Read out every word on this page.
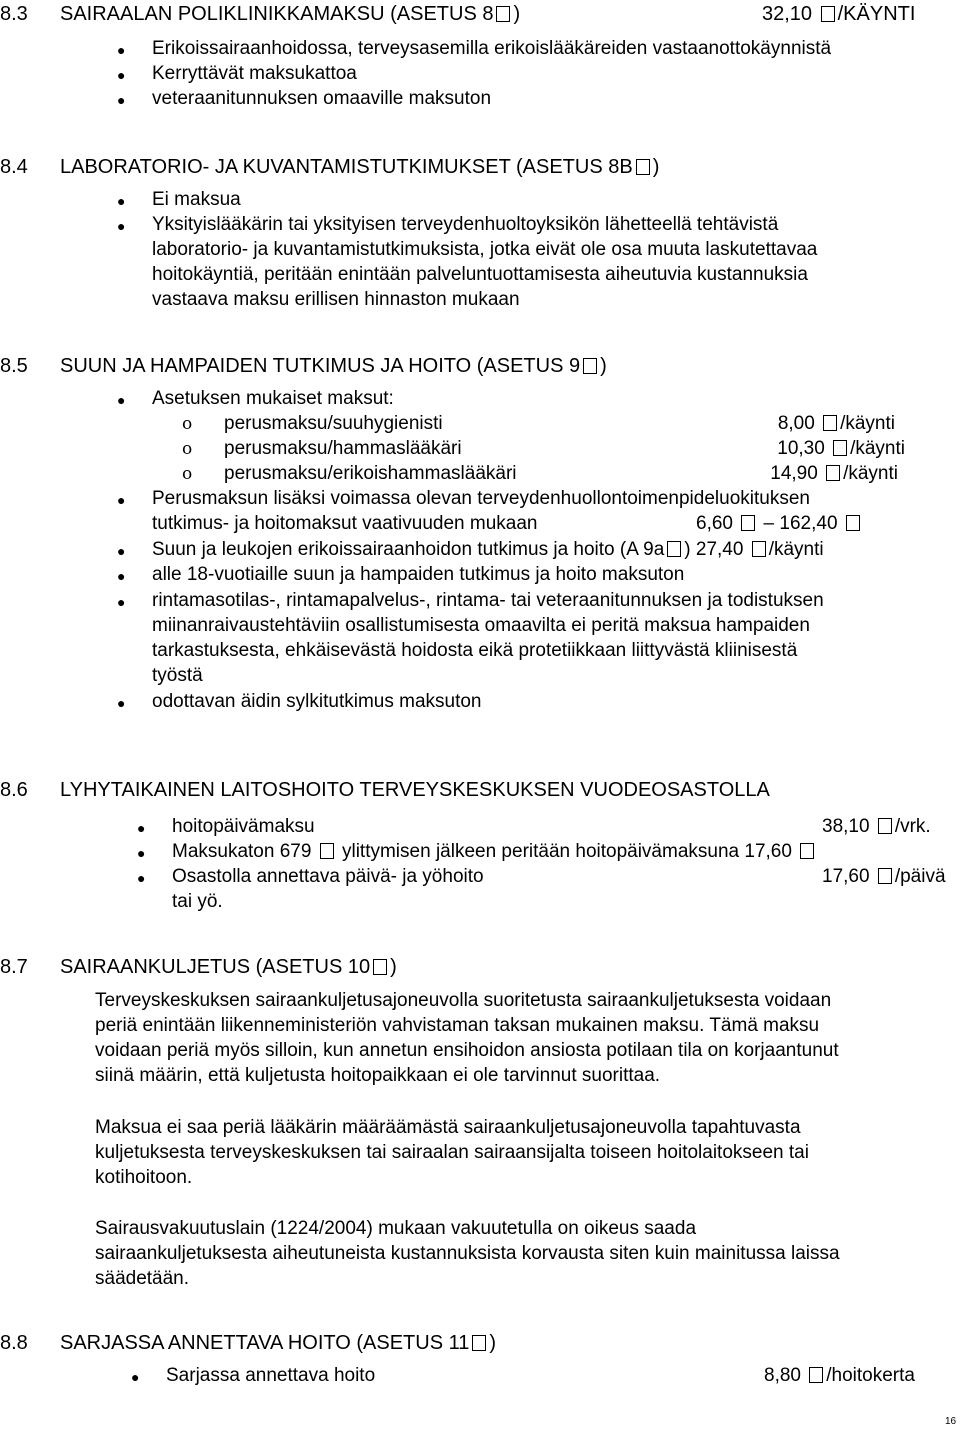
8.3 SAIRAALAN POLIKLINIKKAMAKSU (ASETUS 8 )	32,10 /KÄYNTI
● Erikoissairaanhoidossa, terveysasemilla erikoislääkäreiden vastaanottokäynnistä
● Kerryttävät maksukattoa
● veteraanitunnuksen omaaville maksuton
8.4 LABORATORIO- JA KUVANTAMISTUTKIMUKSET (ASETUS 8B )
● Ei maksua
● Yksityislääkärin tai yksityisen terveydenhuoltoyksikön lähetteellä tehtävistä
laboratorio- ja kuvantamistutkimuksista, jotka eivät ole osa muuta laskutettavaa
hoitokäyntiä, peritään enintään palveluntuottamisesta aiheutuvia kustannuksia
vastaava maksu erillisen hinnaston mukaan
8.5 SUUN JA HAMPAIDEN TUTKIMUS JA HOITO (ASETUS 9 )
● Asetuksen mukaiset maksut:
o perusmaksu/suuhygienisti	8,00 /käynti
o perusmaksu/hammaslääkäri	10,30 /käynti
o perusmaksu/erikoishammaslääkäri	14,90 /käynti
● Perusmaksun lisäksi voimassa olevan terveydenhuollontoimenpideluokituksen
tutkimus- ja hoitomaksut vaativuuden mukaan	6,60 – 162,40
● Suun ja leukojen erikoissairaanhoidon tutkimus ja hoito (A 9a ) 27,40 /käynti
● alle 18-vuotiaille suun ja hampaiden tutkimus ja hoito maksuton
● rintamasotilas-, rintamapalvelus-, rintama- tai veteraanitunnuksen ja todistuksen
miinanraivaustehtäviin osallistumisesta omaavilta ei peritä maksua hampaiden
tarkastuksesta, ehkäisevästä hoidosta eikä protetiikkaan liittyvästä kliinisestä
työstä
● odottavan äidin sylkitutkimus maksuton
8.6 LYHYTAIKAINEN LAITOSHOITO TERVEYSKESKUKSEN VUODEOSASTOLLA
● hoitopäivämaksu	38,10 /vrk.
● Maksukaton 679 ylittymisen jälkeen peritään hoitopäivämaksuna 17,60
● Osastolla annettava päivä- ja yöhoito	17,60 /päivä
tai yö.
8.7 SAIRAANKULJETUS (ASETUS 10 )
Terveyskeskuksen sairaankuljetusajoneuvolla suoritetusta sairaankuljetuksesta voidaan
periä enintään liikenneministeriön vahvistaman taksan mukainen maksu. Tämä maksu
voidaan periä myös silloin, kun annetun ensihoidon ansiosta potilaan tila on korjaantunut
siinä määrin, että kuljetusta hoitopaikkaan ei ole tarvinnut suorittaa.
Maksua ei saa periä lääkärin määräämästä sairaankuljetusajoneuvolla tapahtuvasta
kuljetuksesta terveyskeskuksen tai sairaalan sairaansijalta toiseen hoitolaitokseen tai
kotihoitoon.
Sairausvakuutuslain (1224/2004) mukaan vakuutetulla on oikeus saada
sairaankuljetuksesta aiheutuneista kustannuksista korvausta siten kuin mainitussa laissa
säädetään.
8.8 SARJASSA ANNETTAVA HOITO (ASETUS 11 )
● Sarjassa annettava hoito	8,80 /hoitokerta
16
